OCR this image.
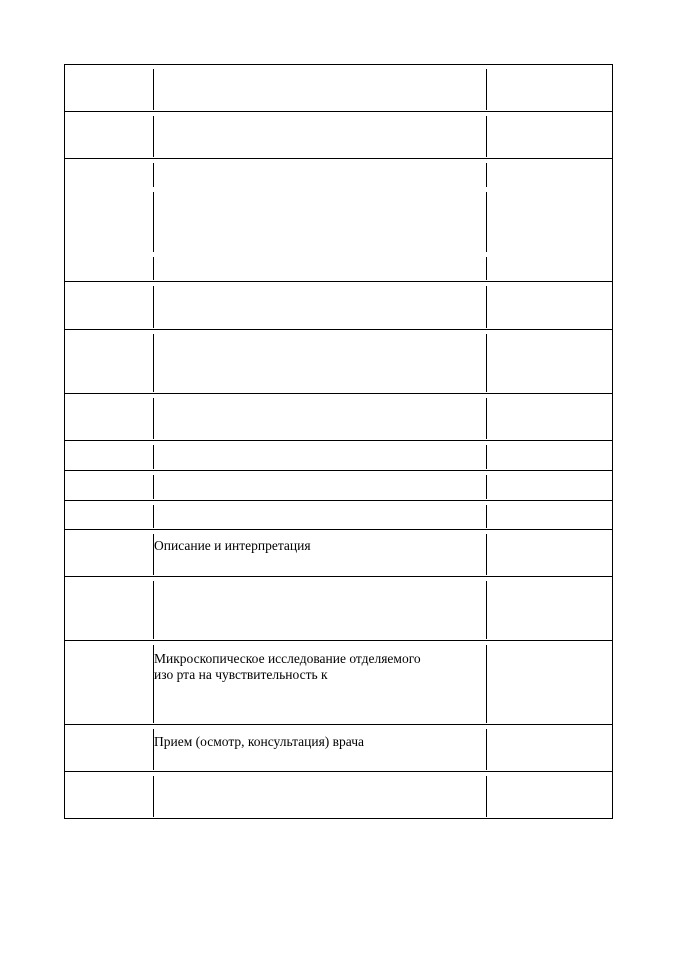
Описание и интерпретация
Микроскопическое исследование отделяемого
изо рта на чувствительность к
Прием (осмотр, консультация) врача
